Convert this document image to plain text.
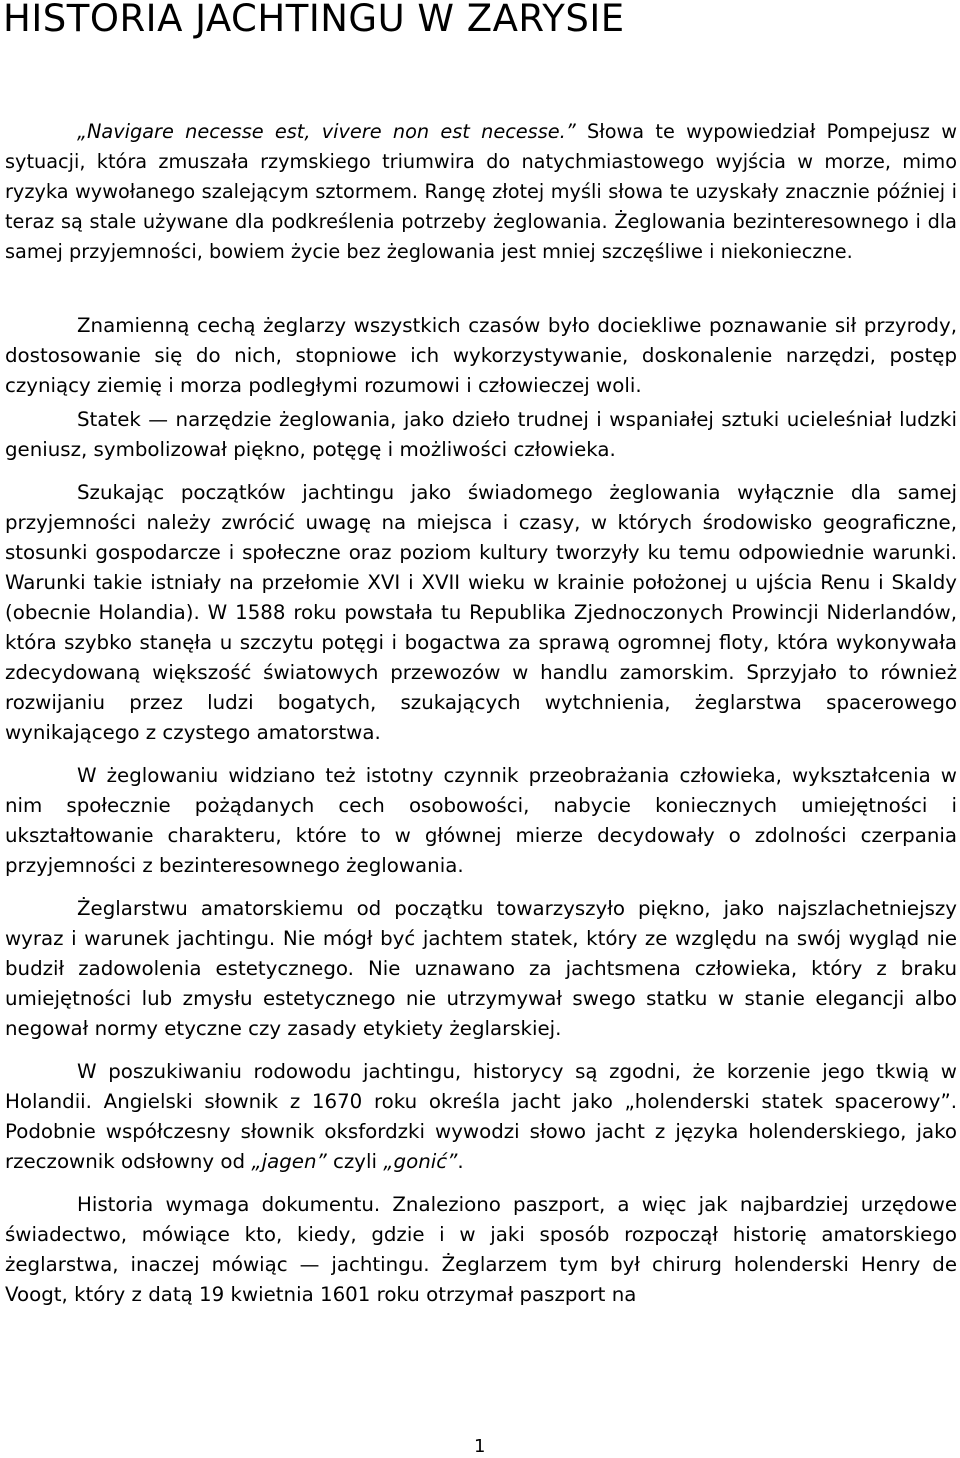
HISTORIA JACHTINGU W ZARYSIE

„Navigare necesse est, vivere non est necesse.” Słowa te wypowiedział Pompejusz w sytuacji, która zmuszała rzymskiego triumwira do natychmiastowego wyjścia w morze, mimo ryzyka wywołanego szalejącym sztormem. Rangę złotej myśli słowa te uzyskały znacznie później i teraz są stale używane dla podkreślenia potrzeby żeglowania. Żeglowania bezinteresownego i dla samej przyjemności, bowiem życie bez żeglowania jest mniej szczęśliwe i niekonieczne.

Znamienną cechą żeglarzy wszystkich czasów było dociekliwe poznawanie sił przyrody, dostosowanie się do nich, stopniowe ich wykorzystywanie, doskonalenie narzędzi, postęp czyniący ziemię i morza podległymi rozumowi i człowieczej woli.

Statek — narzędzie żeglowania, jako dzieło trudnej i wspaniałej sztuki ucieleśniał ludzki geniusz, symbolizował piękno, potęgę i możliwości człowieka.

Szukając początków jachtingu jako świadomego żeglowania wyłącznie dla samej przyjemności należy zwrócić uwagę na miejsca i czasy, w których środowisko geograficzne, stosunki gospodarcze i społeczne oraz poziom kultury tworzyły ku temu odpowiednie warunki. Warunki takie istniały na przełomie XVI i XVII wieku w krainie położonej u ujścia Renu i Skaldy (obecnie Holandia). W 1588 roku powstała tu Republika Zjednoczonych Prowincji Niderlandów, która szybko stanęła u szczytu potęgi i bogactwa za sprawą ogromnej floty, która wykonywała zdecydowaną większość światowych przewozów w handlu zamorskim. Sprzyjało to również rozwijaniu przez ludzi bogatych, szukających wytchnienia, żeglarstwa spacerowego wynikającego z czystego amatorstwa.

W żeglowaniu widziano też istotny czynnik przeobrażania człowieka, wykształcenia w nim społecznie pożądanych cech osobowości, nabycie koniecznych umiejętności i ukształtowanie charakteru, które to w głównej mierze decydowały o zdolności czerpania przyjemności z bezinteresownego żeglowania.

Żeglarstwu amatorskiemu od początku towarzyszyło piękno, jako najszlachetniejszy wyraz i warunek jachtingu. Nie mógł być jachtem statek, który ze względu na swój wygląd nie budził zadowolenia estetycznego. Nie uznawano za jachtsmena człowieka, który z braku umiejętności lub zmysłu estetycznego nie utrzymywał swego statku w stanie elegancji albo negował normy etyczne czy zasady etykiety żeglarskiej.

W poszukiwaniu rodowodu jachtingu, historycy są zgodni, że korzenie jego tkwią w Holandii. Angielski słownik z 1670 roku określa jacht jako „holenderski statek spacerowy”. Podobnie współczesny słownik oksfordzki wywodzi słowo jacht z języka holenderskiego, jako rzeczownik odsłowny od „jagen” czyli „gonić”.

Historia wymaga dokumentu. Znaleziono paszport, a więc jak najbardziej urzędowe świadectwo, mówiące kto, kiedy, gdzie i w jaki sposób rozpoczął historię amatorskiego żeglarstwa, inaczej mówiąc — jachtingu. Żeglarzem tym był chirurg holenderski Henry de Voogt, który z datą 19 kwietnia 1601 roku otrzymał paszport na

1
